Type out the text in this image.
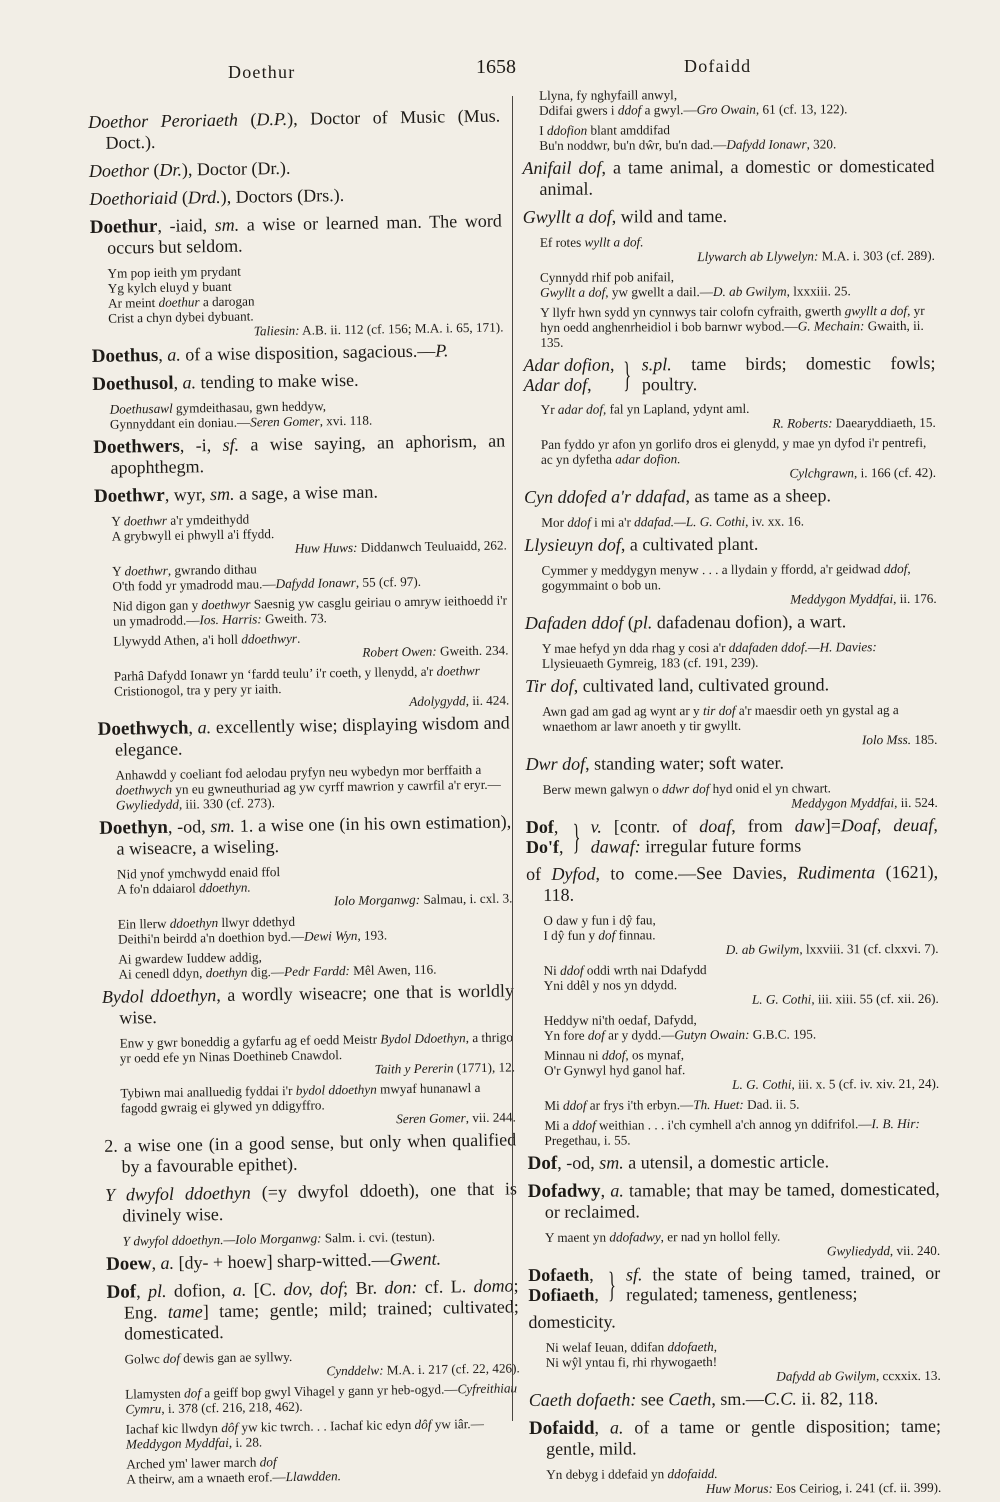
Doethur	1658	Dofaidd
Doethor Peroriaeth (D.P.), Doctor of Music (Mus. Doct.).
Doethor (Dr.), Doctor (Dr.).
Doethoriaid (Drd.), Doctors (Drs.).
Doethur, -iaid, sm. a wise or learned man. The word occurs but seldom.
Ym pop ieith ym prydant
Yg kylch eluyd y buant
Ar meint doethur a darogan
Crist a chyn dybei dybuant.
Taliesin: A.B. ii. 112 (cf. 156; M.A. i. 65, 171).
Doethus, a. of a wise disposition, sagacious.—P.
Doethusol, a. tending to make wise.
Doethusawl gymdeithasau, gwn heddyw,
Gynnyddant ein doniau.—Seren Gomer, xvi. 118.
Doethwers, -i, sf. a wise saying, an aphorism, an apophthegm.
Doethwr, wyr, sm. a sage, a wise man.
Y doethwr a'r ymdeithydd
A grybwyll ei phwyll a'i ffydd.
Huw Huws: Diddanwch Teuluaidd, 262.
Y doethwr, gwrando dithau
O'th fodd yr ymadrodd mau.—Dafydd Ionawr, 55 (cf. 97).
Nid digon gan y doethwyr Saesnig yw casglu geiriau o amryw ieithoedd i'r un ymadrodd.—Ios. Harris: Gweith. 73.
Llywydd Athen, a'i holl ddoethwyr.
Robert Owen: Gweith. 234.
Parhâ Dafydd Ionawr yn ‘fardd teulu’ i'r coeth, y llenydd, a'r doethwr Cristionogol, tra y pery yr iaith.
Adolygydd, ii. 424.
Doethwych, a. excellently wise; displaying wisdom and elegance.
Anhawdd y coeliant fod aelodau pryfyn neu wybedyn mor berffaith a doethwych yn eu gwneuthuriad ag yw cyrff mawrion y cawrfil a'r eryr.—Gwyliedydd, iii. 330 (cf. 273).
Doethyn, -od, sm. 1. a wise one (in his own estimation), a wiseacre, a wiseling.
Nid ynof ymchwydd enaid ffol
A fo'n ddaiarol ddoethyn.
Iolo Morganwg: Salmau, i. cxl. 3.
Ein llerw ddoethyn llwyr ddethyd
Deithi'n beirdd a'n doethion byd.—Dewi Wyn, 193.
Ai gwardew Iuddew addig,
Ai cenedl ddyn, doethyn dig.—Pedr Fardd: Mêl Awen, 116.
Bydol ddoethyn, a wordly wiseacre; one that is worldly wise.
Enw y gwr boneddig a gyfarfu ag ef oedd Meistr Bydol Ddoethyn, a thrigo yr oedd efe yn Ninas Doethineb Cnawdol.
Taith y Pererin (1771), 12.
Tybiwn mai analluedig fyddai i'r bydol ddoethyn mwyaf hunanawl a fagodd gwraig ei glywed yn ddigyffro.
Seren Gomer, vii. 244.
2. a wise one (in a good sense, but only when qualified by a favourable epithet).
Y dwyfol ddoethyn (=y dwyfol ddoeth), one that is divinely wise.
Y dwyfol ddoethyn.—Iolo Morganwg: Salm. i. cvi. (testun).
Doew, a. [dy- + hoew] sharp-witted.—Gwent.
Dof, pl. dofion, a. [C. dov, dof; Br. don: cf. L. domo; Eng. tame] tame; gentle; mild; trained; cultivated; domesticated.
Golwc dof dewis gan ae syllwy.
Cynddelw: M.A. i. 217 (cf. 22, 426).
Llamysten dof a geiff bop gwyl Vihagel y gann yr heb-ogyd.—Cyfreithiau Cymru, i. 378 (cf. 216, 218, 462).
Iachaf kic llwdyn dôf yw kic twrch. . . Iachaf kic edyn dôf yw iâr.—Meddygon Myddfai, i. 28.
Arched ym' lawer march dof
A theirw, am a wnaeth erof.—Llawdden.
Llyna, fy nghyfaill anwyl,
Ddifai gwers i ddof a gwyl.—Gro Owain, 61 (cf. 13, 122).
I ddofion blant amddifad
Bu'n noddwr, bu'n dŵr, bu'n dad.—Dafydd Ionawr, 320.
Anifail dof, a tame animal, a domestic or domesticated animal.
Gwyllt a dof, wild and tame.
Ef rotes wyllt a dof.
Llywarch ab Llywelyn: M.A. i. 303 (cf. 289).
Cynnydd rhif pob anifail,
Gwyllt a dof, yw gwellt a dail.—D. ab Gwilym, lxxxiii. 25.
Y llyfr hwn sydd yn cynnwys tair colofn cyfraith, gwerth gwyllt a dof, yr hyn oedd anghenrheidiol i bob barnwr wybod.—G. Mechain: Gwaith, ii. 135.
Adar dofion,
Adar dof, } s.pl. tame birds; domestic fowls; poultry.
Yr adar dof, fal yn Lapland, ydynt aml.
R. Roberts: Daearyddiaeth, 15.
Pan fyddo yr afon yn gorlifo dros ei glenydd, y mae yn dyfod i'r pentrefi, ac yn dyfetha adar dofion.
Cylchgrawn, i. 166 (cf. 42).
Cyn ddofed a'r ddafad, as tame as a sheep.
Mor ddof i mi a'r ddafad.—L. G. Cothi, iv. xx. 16.
Llysieuyn dof, a cultivated plant.
Cymmer y meddygyn menyw . . . a llydain y ffordd, a'r geidwad ddof, gogymmaint o bob un.
Meddygon Myddfai, ii. 176.
Dafaden ddof (pl. dafadenau dofion), a wart.
Y mae hefyd yn dda rhag y cosi a'r ddafaden ddof.—H. Davies: Llysieuaeth Gymreig, 183 (cf. 191, 239).
Tir dof, cultivated land, cultivated ground.
Awn gad am gad ag wynt ar y tir dof a'r maesdir oeth yn gystal ag a wnaethom ar lawr anoeth y tir gwyllt.
Iolo Mss. 185.
Dwr dof, standing water; soft water.
Berw mewn galwyn o ddwr dof hyd onid el yn chwart.
Meddygon Myddfai, ii. 524.
Dof,
Do'f, } v. [contr. of doaf, from daw]=Doaf, deuaf, dawaf: irregular future forms
of Dyfod, to come.—See Davies, Rudimenta (1621), 118.
O daw y fun i dŷ fau,
I dŷ fun y dof finnau.
D. ab Gwilym, lxxviii. 31 (cf. clxxvi. 7).
Ni ddof oddi wrth nai Ddafydd
Yni ddêl y nos yn ddydd.
L. G. Cothi, iii. xiii. 55 (cf. xii. 26).
Heddyw ni'th oedaf, Dafydd,
Yn fore dof ar y dydd.—Gutyn Owain: G.B.C. 195.
Minnau ni ddof, os mynaf,
O'r Gynwyl hyd ganol haf.
L. G. Cothi, iii. x. 5 (cf. iv. xiv. 21, 24).
Mi ddof ar frys i'th erbyn.—Th. Huet: Dad. ii. 5.
Mi a ddof weithian . . . i'ch cymhell a'ch annog yn ddifrifol.—I. B. Hir: Pregethau, i. 55.
Dof, -od, sm. a utensil, a domestic article.
Dofadwy, a. tamable; that may be tamed, domesticated, or reclaimed.
Y maent yn ddofadwy, er nad yn hollol felly.
Gwyliedydd, vii. 240.
Dofaeth,
Dofiaeth, } sf. the state of being tamed, trained, or regulated; tameness, gentleness;
domesticity.
Ni welaf Ieuan, ddifan ddofaeth,
Ni wŷl yntau fi, rhi rhywogaeth!
Dafydd ab Gwilym, ccxxix. 13.
Caeth dofaeth: see Caeth, sm.—C.C. ii. 82, 118.
Dofaidd, a. of a tame or gentle disposition; tame; gentle, mild.
Yn debyg i ddefaid yn ddofaidd.
Huw Morus: Eos Ceiriog, i. 241 (cf. ii. 399).
